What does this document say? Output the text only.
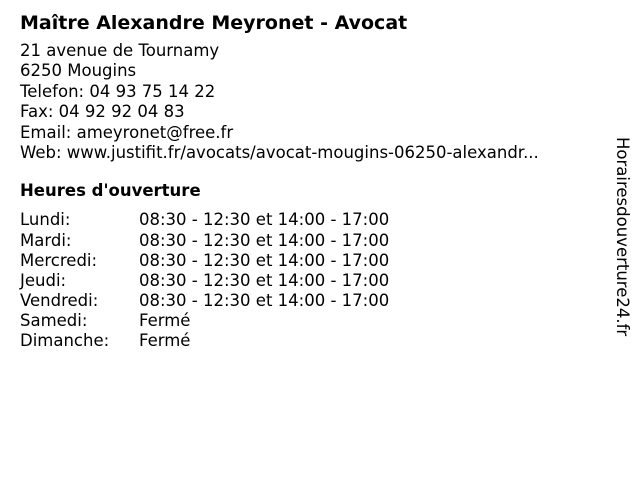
Maître Alexandre Meyronet - Avocat
21 avenue de Tournamy
6250 Mougins
Telefon: 04 93 75 14 22
Fax: 04 92 92 04 83
Email: ameyronet@free.fr
Web: www.justifit.fr/avocats/avocat-mougins-06250-alexandr...
Heures d'ouverture
Lundi:	08:30 - 12:30 et 14:00 - 17:00
Mardi:	08:30 - 12:30 et 14:00 - 17:00
Mercredi:	08:30 - 12:30 et 14:00 - 17:00
Jeudi:	08:30 - 12:30 et 14:00 - 17:00
Vendredi: 08:30 - 12:30 et 14:00 - 17:00
Samedi:	Fermé
Dimanche: Fermé
Horairesdouverture24.fr
